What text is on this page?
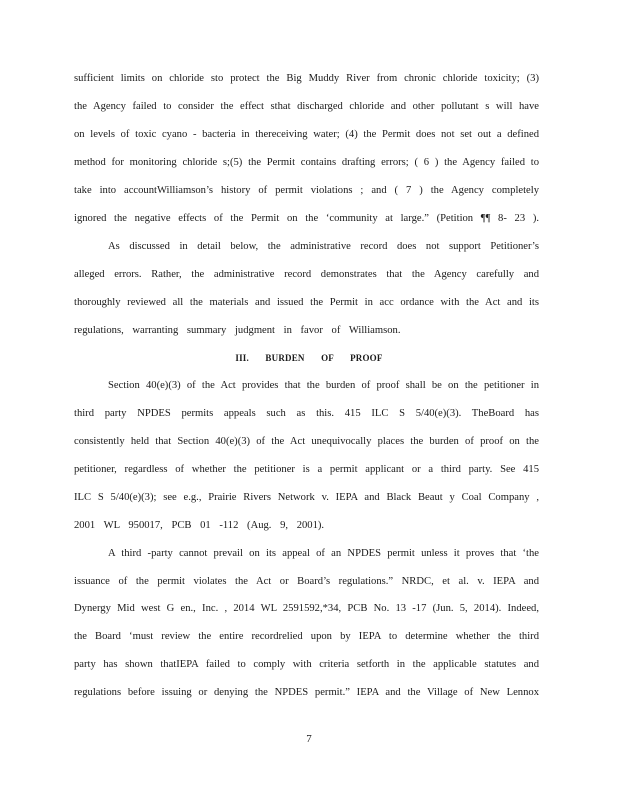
sufficient limits on chloride sto protect the Big Muddy River from chronic chloride toxicity; (3)
the Agency failed to consider the effect sthat discharged chloride and other pollutant s will have
on levels of toxic cyano - bacteria in thereceiving water; (4) the Permit does not set out a defined
method for monitoring chloride s;(5) the Permit contains drafting errors; ( 6 ) the Agency failed to
take into accountWilliamson’s history of permit violations ; and ( 7 ) the Agency completely
ignored the negative effects of the Permit on the ‘community at large.” (Petition ¶¶ 8- 23 ).
As discussed in detail below, the administrative record does not support Petitioner’s
alleged errors. Rather, the administrative record demonstrates that the Agency carefully and
thoroughly reviewed all the materials and issued the Permit in acc ordance with the Act and its
regulations, warranting summary judgment in favor of Williamson.
III. BURDEN OF PROOF
Section 40(e)(3) of the Act provides that the burden of proof shall be on the petitioner in
third party NPDES permits appeals such as this. 415 ILC S 5/40(e)(3). TheBoard has
consistently held that Section 40(e)(3) of the Act unequivocally places the burden of proof on the
petitioner, regardless of whether the petitioner is a permit applicant or a third party. See 415
ILC S 5/40(e)(3); see e.g., Prairie Rivers Network v. IEPA and Black Beaut y Coal Company ,
2001 WL 950017, PCB 01 -112 (Aug. 9, 2001).
A third -party cannot prevail on its appeal of an NPDES permit unless it proves that ‘the
issuance of the permit violates the Act or Board’s regulations.” NRDC, et al. v. IEPA and
Dynergy Mid west G en., Inc. , 2014 WL 2591592,*34, PCB No. 13 -17 (Jun. 5, 2014). Indeed,
the Board ‘must review the entire recordrelied upon by IEPA to determine whether the third
party has shown thatIEPA failed to comply with criteria setforth in the applicable statutes and
regulations before issuing or denying the NPDES permit.” IEPA and the Village of New Lennox
7
